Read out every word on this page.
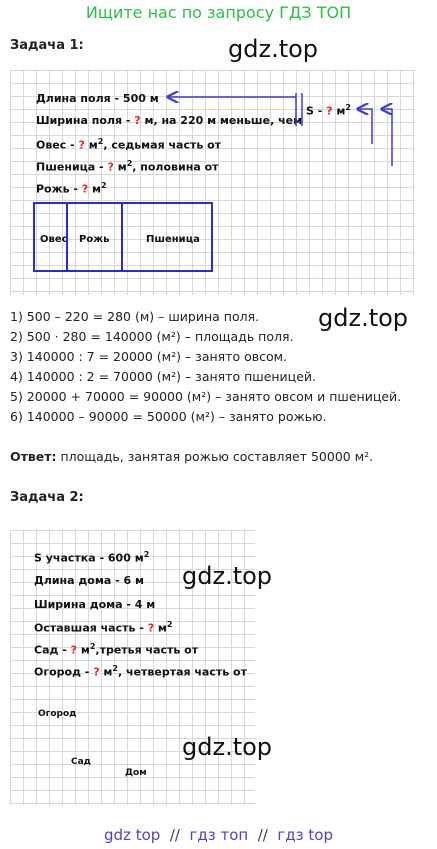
Ищите нас по запросу ГДЗ ТОП
Задача 1:	gdz.top
Длина поля - 500 м
Ширина поля - ? м, на 220 м меньше, чем
Овес - ? $м^2$, седьмая часть от
Пшеница - ? $м^2$, половина от
Рожь - ? $м^2$
S - ? $м^2$
Овес Рожь	Пшеница
gdz.top
1) 500 – 220 = 280 (м) – ширина поля.
2) 500 · 280 = 140000 (м²) – площадь поля.
3) 140000 : 7 = 20000 (м²) – занято овсом.
4) 140000 : 2 = 70000 (м²) – занято пшеницей.
5) 20000 + 70000 = 90000 (м²) – занято овсом и пшеницей.
6) 140000 – 90000 = 50000 (м²) – занято рожью.
Ответ: площадь, занятая рожью составляет 50000 м².
Задача 2:
gdz.top
gdz.top
S участка - 600 $м^2$
Длина дома - 6 м
Ширина дома - 4 м
Оставшая часть - ? $м^2$
Сад - ? $м^2,третья$ часть от
Огород - ? $м^2$, четвертая часть от
Огород
Сад
Дом
gdz top // гдз топ // гдз top
